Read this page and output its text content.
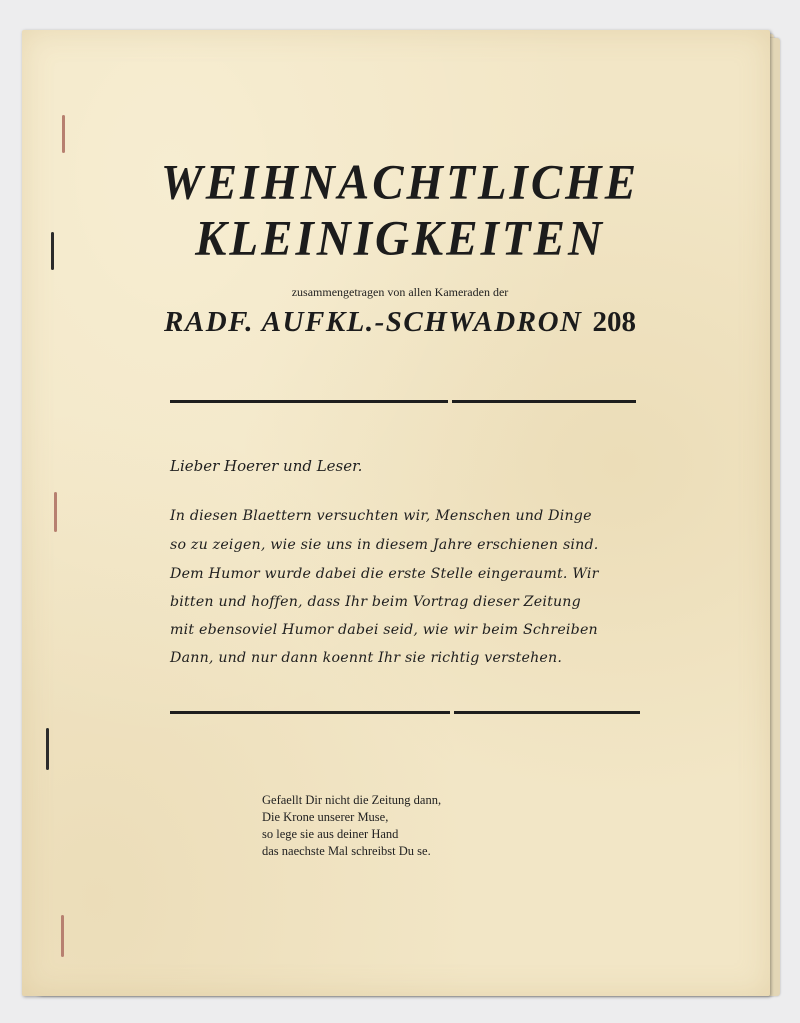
WEIHNACHTLICHE
KLEINIGKEITEN
zusammengetragen von allen Kameraden der
RADF. AUFKL.-SCHWADRON 208
Lieber Hoerer und Leser.
In diesen Blaettern versuchten wir, Menschen und Dinge
so zu zeigen, wie sie uns in diesem Jahre erschienen sind.
Dem Humor wurde dabei die erste Stelle eingeraumt. Wir
bitten und hoffen, dass Ihr beim Vortrag dieser Zeitung
mit ebensoviel Humor dabei seid, wie wir beim Schreiben
Dann, und nur dann koennt Ihr sie richtig verstehen.
Gefaellt Dir nicht die Zeitung dann,
Die Krone unserer Muse,
so lege sie aus deiner Hand
das naechste Mal schreibst Du se.
